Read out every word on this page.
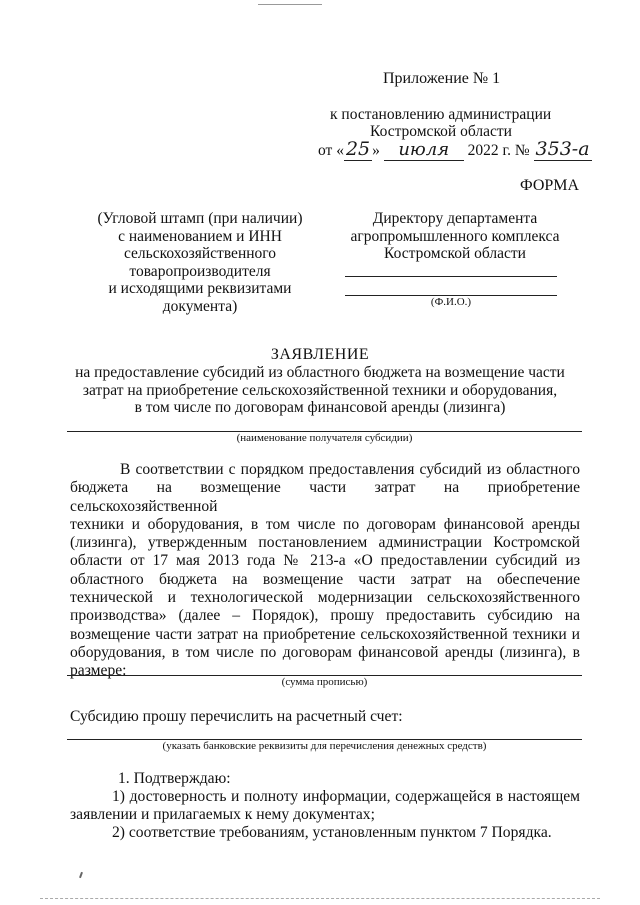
Приложение № 1
к постановлению администрации
Костромской области
от « 25 » июля 2022 г. № 353-а
ФОРМА
(Угловой штамп (при наличии)
с наименованием и ИНН
сельскохозяйственного
товаропроизводителя
и исходящими реквизитами
документа)
Директору департамента
агропромышленного комплекса
Костромской области
(Ф.И.О.)
ЗАЯВЛЕНИЕ
на предоставление субсидий из областного бюджета на возмещение части
затрат на приобретение сельскохозяйственной техники и оборудования,
в том числе по договорам финансовой аренды (лизинга)
(наименование получателя субсидии)
В соответствии с порядком предоставления субсидий из областного
бюджета на возмещение части затрат на приобретение сельскохозяйственной
техники и оборудования, в том числе по договорам финансовой аренды
(лизинга), утвержденным постановлением администрации Костромской
области от 17 мая 2013 года № 213-а «О предоставлении субсидий из
областного бюджета на возмещение части затрат на обеспечение
технической и технологической модернизации сельскохозяйственного
производства» (далее – Порядок), прошу предоставить субсидию на
возмещение части затрат на приобретение сельскохозяйственной техники и
оборудования, в том числе по договорам финансовой аренды (лизинга), в
размере:
(сумма прописью)
Субсидию прошу перечислить на расчетный счет:
(указать банковские реквизиты для перечисления денежных средств)
1. Подтверждаю:
1) достоверность и полноту информации, содержащейся в настоящем
заявлении и прилагаемых к нему документах;
2) соответствие требованиям, установленным пунктом 7 Порядка.
